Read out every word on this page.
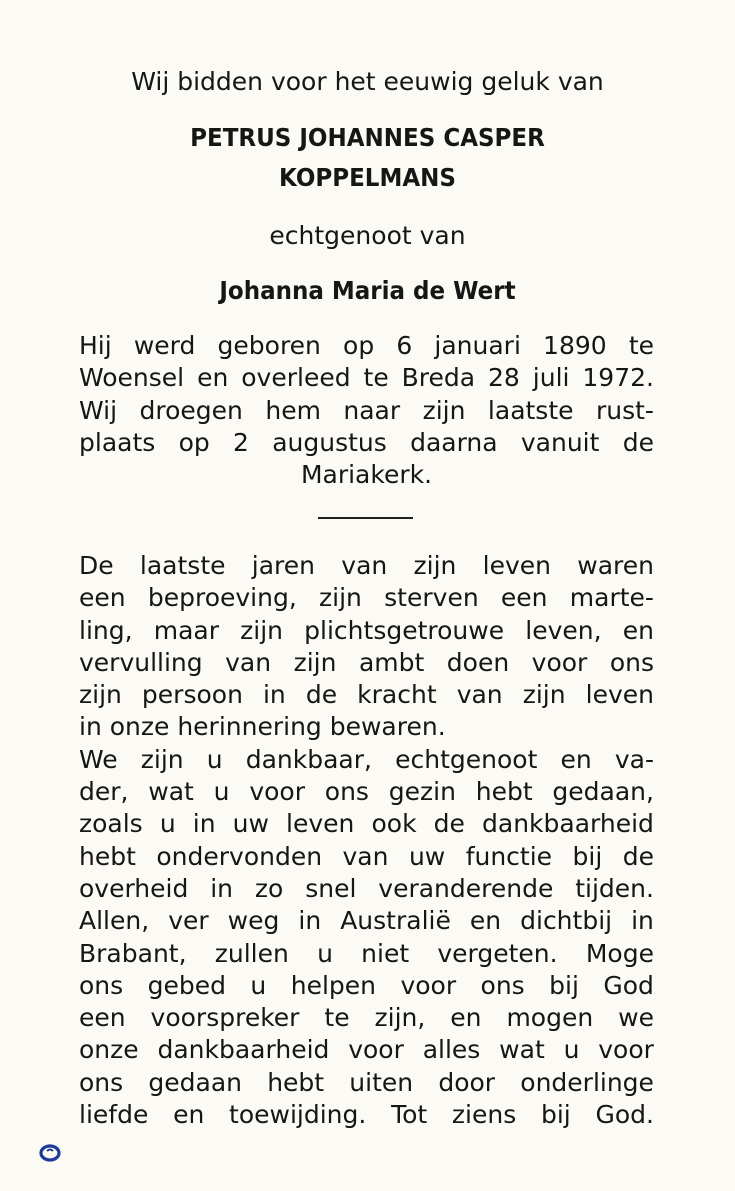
Wij bidden voor het eeuwig geluk van
PETRUS JOHANNES CASPER
KOPPELMANS
echtgenoot van
Johanna Maria de Wert
Hij werd geboren op 6 januari 1890 te
Woensel en overleed te Breda 28 juli 1972.
Wij droegen hem naar zijn laatste rust-
plaats op 2 augustus daarna vanuit de
Mariakerk.
De laatste jaren van zijn leven waren
een beproeving, zijn sterven een marte-
ling, maar zijn plichtsgetrouwe leven, en
vervulling van zijn ambt doen voor ons
zijn persoon in de kracht van zijn leven
in onze herinnering bewaren.
We zijn u dankbaar, echtgenoot en va-
der, wat u voor ons gezin hebt gedaan,
zoals u in uw leven ook de dankbaarheid
hebt ondervonden van uw functie bij de
overheid in zo snel veranderende tijden.
Allen, ver weg in Australië en dichtbij in
Brabant, zullen u niet vergeten. Moge
ons gebed u helpen voor ons bij God
een voorspreker te zijn, en mogen we
onze dankbaarheid voor alles wat u voor
ons gedaan hebt uiten door onderlinge
liefde en toewijding. Tot ziens bij God.
